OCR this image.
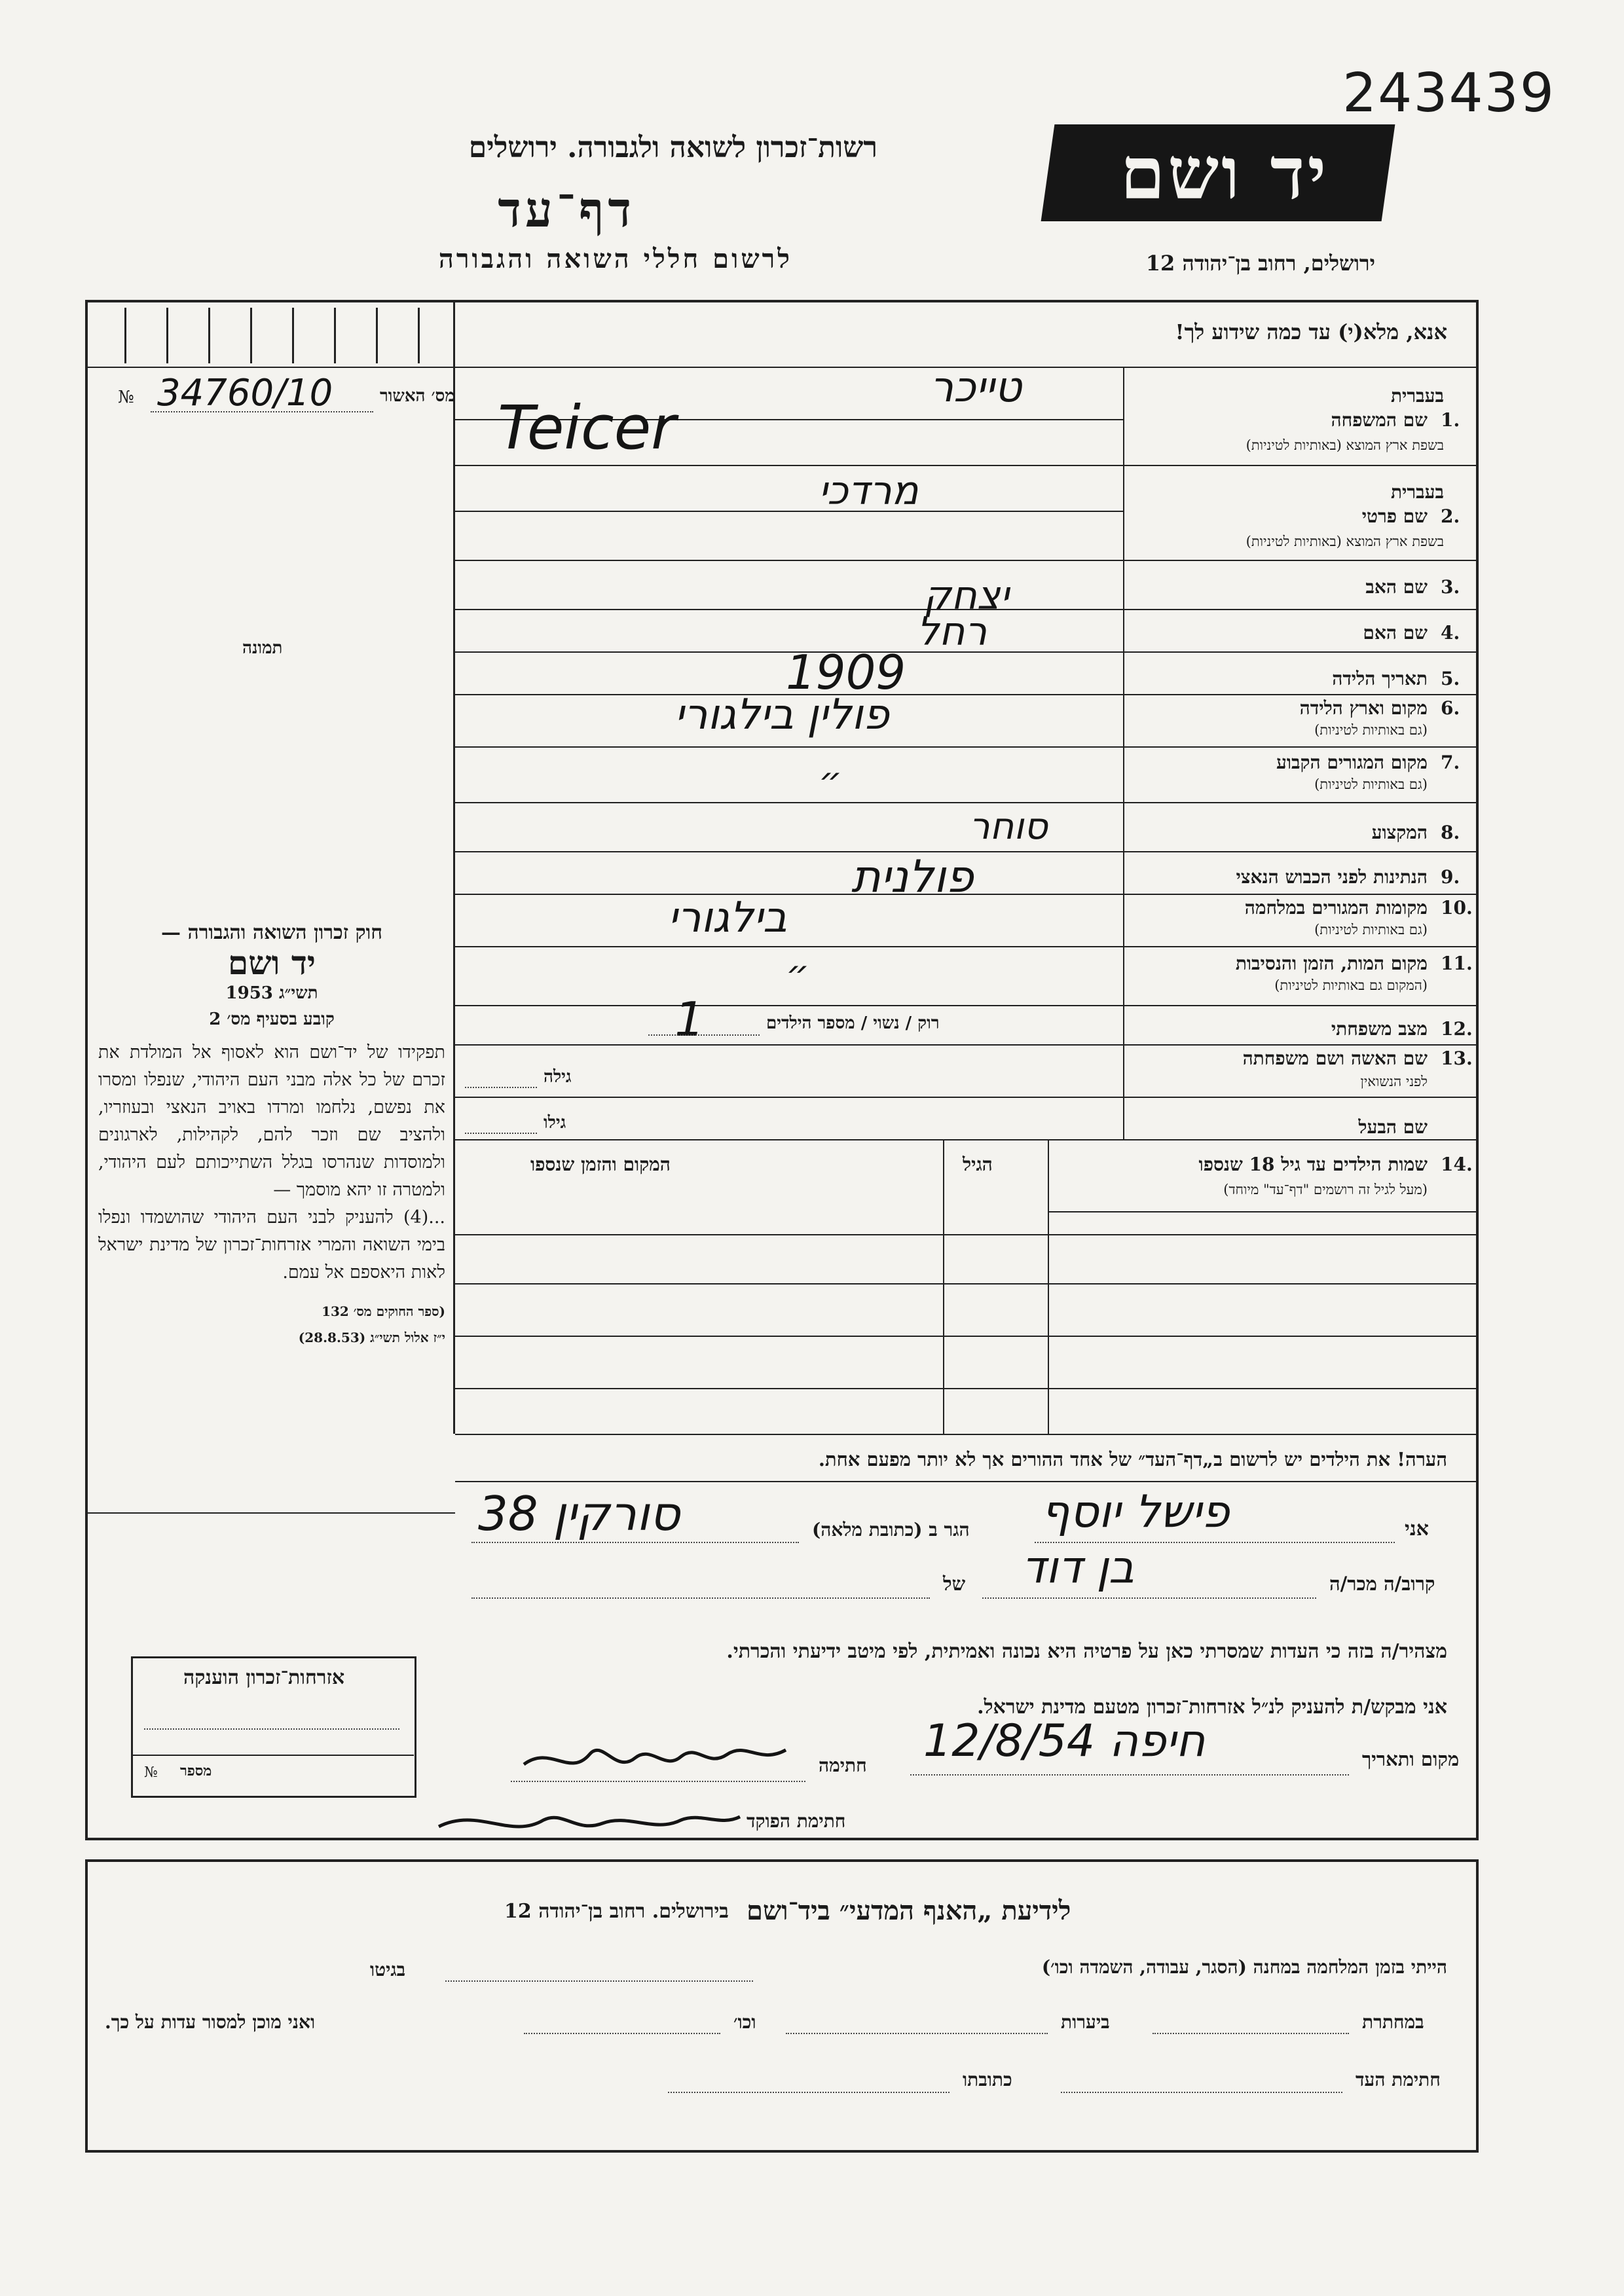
243439
רשות־זכרון לשואה ולגבורה. ירושלים
דף־עד
לרשום חללי השואה והגבורה
יד ושם
ירושלים, רחוב בן־יהודה 12
אנא, מלא(י) עד כמה שידוע לך!
מס׳ האשור
№ 34760/10
תמונה
חוק זכרון השואה והגבורה —
יד ושם
תשי״ג 1953
קובע בסעיף מס׳ 2
תפקידו של יד־ושם הוא לאסוף אל המולדת את זכרם של כל אלה מבני העם היהודי, שנפלו ומסרו את נפשם, נלחמו ומרדו באויב הנאצי ובעוזריו, ולהציב שם וזכר להם, לקהילות, לארגונים ולמוסדות שנהרסו בגלל השתייכותם לעם היהודי, ולמטרה זו יהא מוסמך —
...(4) להעניק לבני העם היהודי שהושמדו ונפלו בימי השואה והמרי אזרחות־זכרון של מדינת ישראל לאות היאספם אל עמם.
(ספר החוקים מס׳ 132
י״ז אלול תשי״ג (28.8.53)
אזרחות־זכרון הוענקה
מספר
№
בעברית
1.
שם המשפחה
בשפת ארץ המוצא (באותיות לטיניות)
בעברית
2.
שם פרטי
בשפת ארץ המוצא (באותיות לטיניות)
3.
שם האב
4.
שם האם
5.
תאריך הלידה
6.
מקום וארץ הלידה
(גם באותיות לטיניות)
7.
מקום המגורים הקבוע
(גם באותיות לטיניות)
8.
המקצוע
9.
הנתינות לפני הכבוש הנאצי
10.
מקומות המגורים במלחמה
(גם באותיות לטיניות)
11.
מקום המות, הזמן והנסיבות
(המקום גם באותיות לטיניות)
12.
מצב משפחתי
13.
שם האשה ושם משפחתה
לפני הנשואין
שם הבעל
טייכר
Teicer
מרדכי
יצחק
רחל
1909
פולין בילגורי
״
סוחר
פולנית
בילגורי
״
רוק / נשוי / מספר הילדים
1
גילה
גילו
14.
שמות הילדים עד גיל 18 שנספו
(מעל לגיל זה רושמים "דף־עד" מיוחד)
הגיל
המקום והזמן שנספו
הערה! את הילדים יש לרשום ב„דף־העד״ של אחד ההורים אך לא יותר מפעם אחת.
אני
פישל יוסף
הגר ב (כתובת מלאה)
סורקין 38
קרוב/ה מכר/ה
בן דוד
של
מצהיר/ה בזה כי העדות שמסרתי כאן על פרטיה היא נכונה ואמיתית, לפי מיטב ידיעתי והכרתי.
אני מבקש/ת להעניק לנ״ל אזרחות־זכרון מטעם מדינת ישראל.
מקום ותאריך
חיפה 12/8/54
חתימה
חתימת הפוקד
לידיעת „האנף המדעי״ ביד־ושם
בירושלים. רחוב בן־יהודה 12
הייתי בזמן המלחמה במחנה (הסגר, עבודה, השמדה וכו׳)
בגיטו
במחתרת
ביערות
וכו׳
ואני מוכן למסור עדות על כך.
חתימת העד
כתובתו
